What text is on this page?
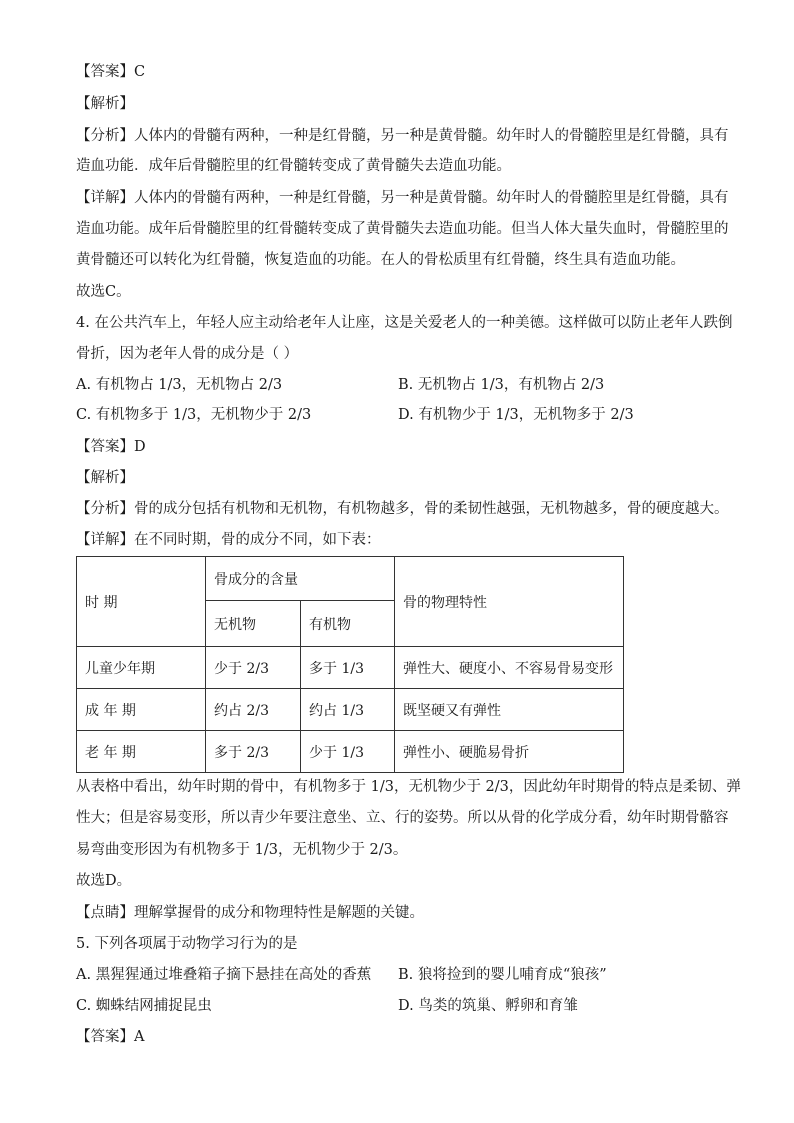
【答案】C
【解析】
【分析】人体内的骨髓有两种，一种是红骨髓，另一种是黄骨髓。幼年时人的骨髓腔里是红骨髓，具有
造血功能．成年后骨髓腔里的红骨髓转变成了黄骨髓失去造血功能。
【详解】人体内的骨髓有两种，一种是红骨髓，另一种是黄骨髓。幼年时人的骨髓腔里是红骨髓，具有
造血功能。成年后骨髓腔里的红骨髓转变成了黄骨髓失去造血功能。但当人体大量失血时，骨髓腔里的
黄骨髓还可以转化为红骨髓，恢复造血的功能。在人的骨松质里有红骨髓，终生具有造血功能。
故选C。
4. 在公共汽车上，年轻人应主动给老年人让座，这是关爱老人的一种美德。这样做可以防止老年人跌倒
骨折，因为老年人骨的成分是（ ）
A. 有机物占 1/3，无机物占 2/3	B. 无机物占 1/3，有机物占 2/3
C. 有机物多于 1/3，无机物少于 2/3	D. 有机物少于 1/3，无机物多于 2/3
【答案】D
【解析】
【分析】骨的成分包括有机物和无机物，有机物越多，骨的柔韧性越强，无机物越多，骨的硬度越大。
【详解】在不同时期，骨的成分不同，如下表：
时 期	骨成分的含量		骨的物理特性
	无机物	有机物	
儿童少年期	少于 2/3	多于 1/3	弹性大、硬度小、不容易骨易变形
成 年 期	约占 2/3	约占 1/3	既坚硬又有弹性
老 年 期	多于 2/3	少于 1/3	弹性小、硬脆易骨折
从表格中看出，幼年时期的骨中，有机物多于 1/3，无机物少于 2/3，因此幼年时期骨的特点是柔韧、弹
性大；但是容易变形，所以青少年要注意坐、立、行的姿势。所以从骨的化学成分看，幼年时期骨骼容
易弯曲变形因为有机物多于 1/3，无机物少于 2/3。
故选D。
【点睛】理解掌握骨的成分和物理特性是解题的关键。
5. 下列各项属于动物学习行为的是
A. 黑猩猩通过堆叠箱子摘下悬挂在高处的香蕉 B. 狼将捡到的婴儿哺育成“狼孩”
C. 蜘蛛结网捕捉昆虫	D. 鸟类的筑巢、孵卵和育雏
【答案】A
